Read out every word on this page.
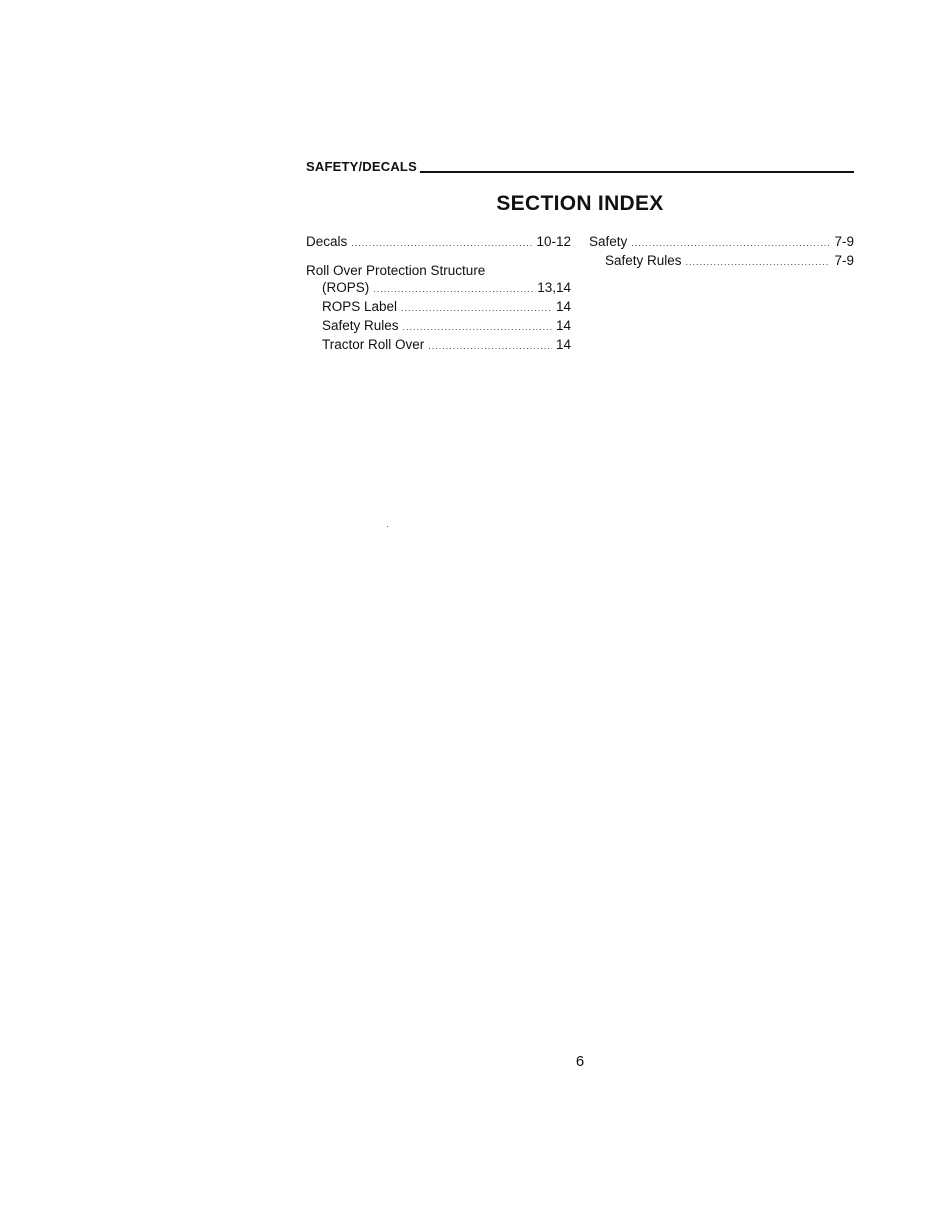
SAFETY/DECALS
SECTION INDEX
Decals .....	10-12
Roll Over Protection Structure
(ROPS) .....	13,14
ROPS Label .....	14
Safety Rules .....	14
Tractor Roll Over .....	14
Safety .....	7-9
Safety Rules .....	7-9
6
